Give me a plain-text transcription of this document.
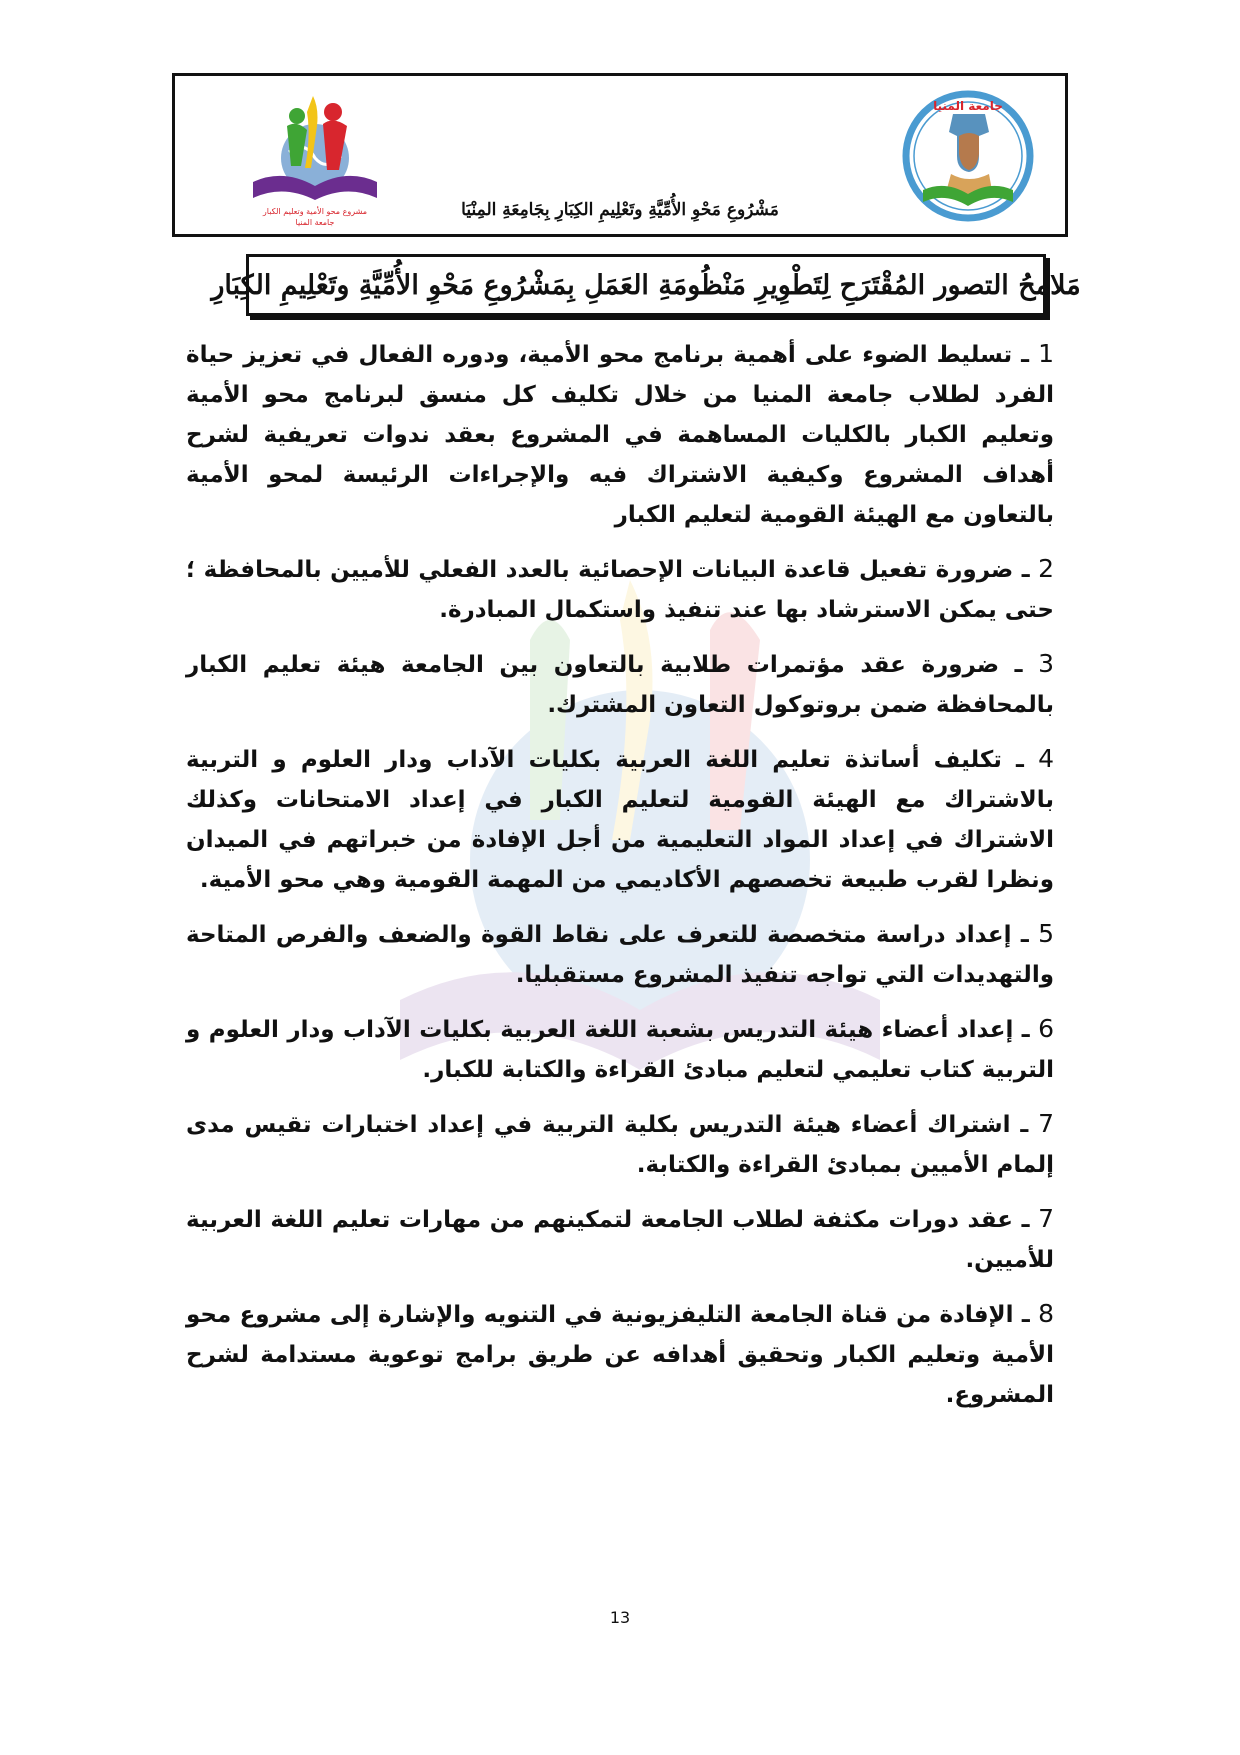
جامعة المنيا
مشروع محو الأمية وتعليم الكبار
جامعة المنيا
مَشْرُوعِ مَحْوِ الأُمِّيَّةِ وتَعْلِيمِ الكِبَارِ بِجَامِعَةِ المِنْيَا
مَلامحُ التصور المُقْتَرَحِ لِتَطْوِيرِ مَنْظُومَةِ العَمَلِ بِمَشْرُوعِ مَحْوِ الأُمِّيَّةِ وتَعْلِيمِ الكِبَارِ

1 ـ تسليط الضوء على أهمية برنامج محو الأمية، ودوره الفعال في تعزيز حياة الفرد لطلاب جامعة المنيا من خلال تكليف كل منسق لبرنامج محو الأمية وتعليم الكبار بالكليات المساهمة في المشروع بعقد ندوات تعريفية لشرح أهداف المشروع وكيفية الاشتراك فيه والإجراءات الرئيسة لمحو الأمية بالتعاون مع الهيئة القومية لتعليم الكبار

2 ـ ضرورة تفعيل قاعدة البيانات الإحصائية بالعدد الفعلي للأميين بالمحافظة ؛ حتى يمكن الاسترشاد بها عند تنفيذ واستكمال المبادرة.

3 ـ ضرورة عقد مؤتمرات طلابية بالتعاون بين الجامعة هيئة تعليم الكبار بالمحافظة ضمن بروتوكول التعاون المشترك.

4 ـ تكليف أساتذة تعليم اللغة العربية بكليات الآداب ودار العلوم و التربية بالاشتراك مع الهيئة القومية لتعليم الكبار في إعداد الامتحانات وكذلك الاشتراك في إعداد المواد التعليمية من أجل الإفادة من خبراتهم في الميدان ونظرا لقرب طبيعة تخصصهم الأكاديمي من المهمة القومية وهي محو الأمية.

5 ـ إعداد دراسة متخصصة للتعرف على نقاط القوة والضعف والفرص المتاحة والتهديدات التي تواجه تنفيذ المشروع مستقبليا.

6 ـ إعداد أعضاء هيئة التدريس بشعبة اللغة العربية بكليات الآداب ودار العلوم و التربية كتاب تعليمي لتعليم مبادئ القراءة والكتابة للكبار.

7 ـ اشتراك أعضاء هيئة التدريس بكلية التربية في إعداد اختبارات تقيس مدى إلمام الأميين بمبادئ القراءة والكتابة.

7 ـ عقد دورات مكثفة لطلاب الجامعة لتمكينهم من مهارات تعليم اللغة العربية للأميين.

8 ـ الإفادة من قناة الجامعة التليفزيونية في التنويه والإشارة إلى مشروع محو الأمية وتعليم الكبار وتحقيق أهدافه عن طريق برامج توعوية مستدامة لشرح المشروع.

13
